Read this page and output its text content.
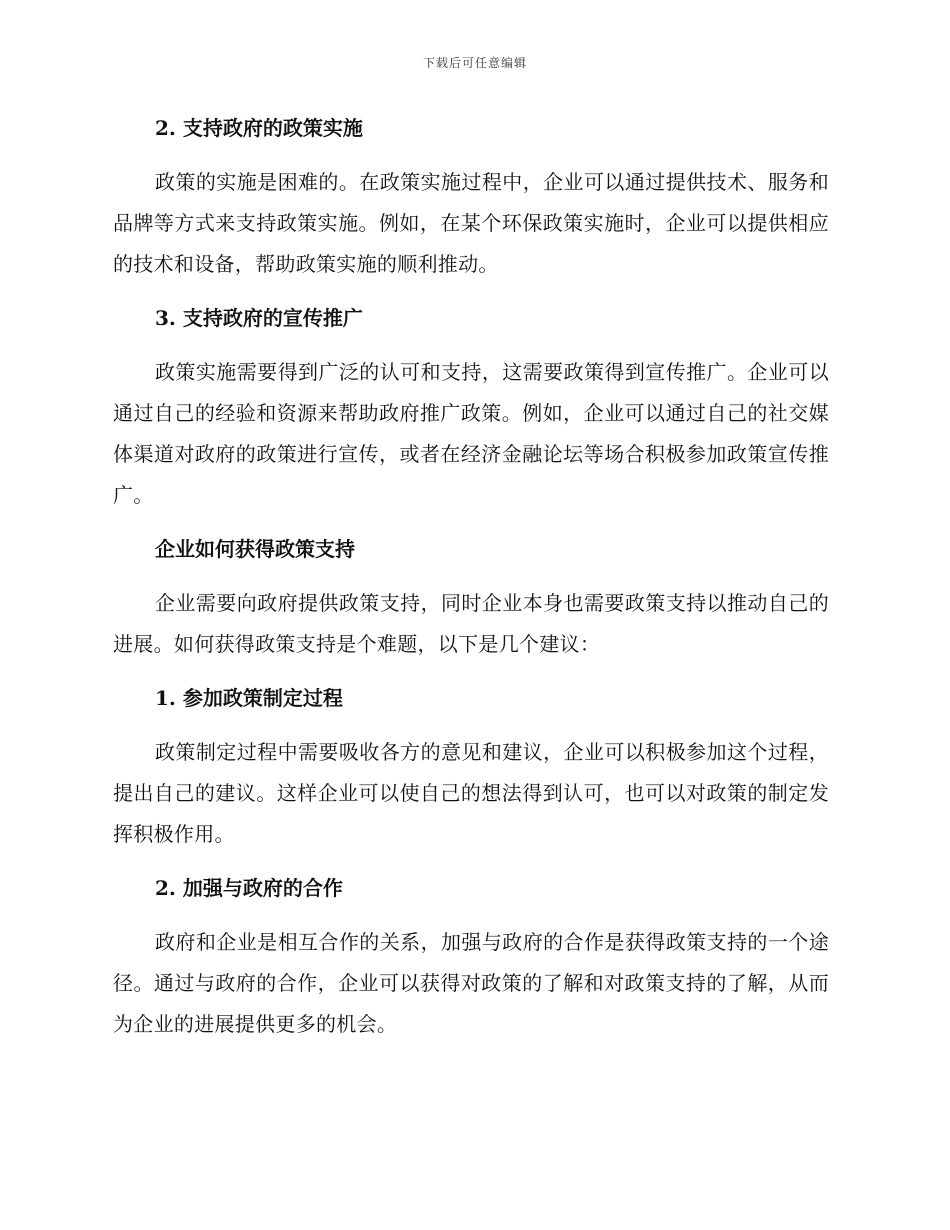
下载后可任意编辑
2. 支持政府的政策实施

政策的实施是困难的。在政策实施过程中，企业可以通过提供技术、服务和品牌等方式来支持政策实施。例如，在某个环保政策实施时，企业可以提供相应的技术和设备，帮助政策实施的顺利推动。

3. 支持政府的宣传推广

政策实施需要得到广泛的认可和支持，这需要政策得到宣传推广。企业可以通过自己的经验和资源来帮助政府推广政策。例如，企业可以通过自己的社交媒体渠道对政府的政策进行宣传，或者在经济金融论坛等场合积极参加政策宣传推广。

企业如何获得政策支持

企业需要向政府提供政策支持，同时企业本身也需要政策支持以推动自己的进展。如何获得政策支持是个难题，以下是几个建议：

1. 参加政策制定过程

政策制定过程中需要吸收各方的意见和建议，企业可以积极参加这个过程，提出自己的建议。这样企业可以使自己的想法得到认可，也可以对政策的制定发挥积极作用。

2. 加强与政府的合作

政府和企业是相互合作的关系，加强与政府的合作是获得政策支持的一个途径。通过与政府的合作，企业可以获得对政策的了解和对政策支持的了解，从而为企业的进展提供更多的机会。
